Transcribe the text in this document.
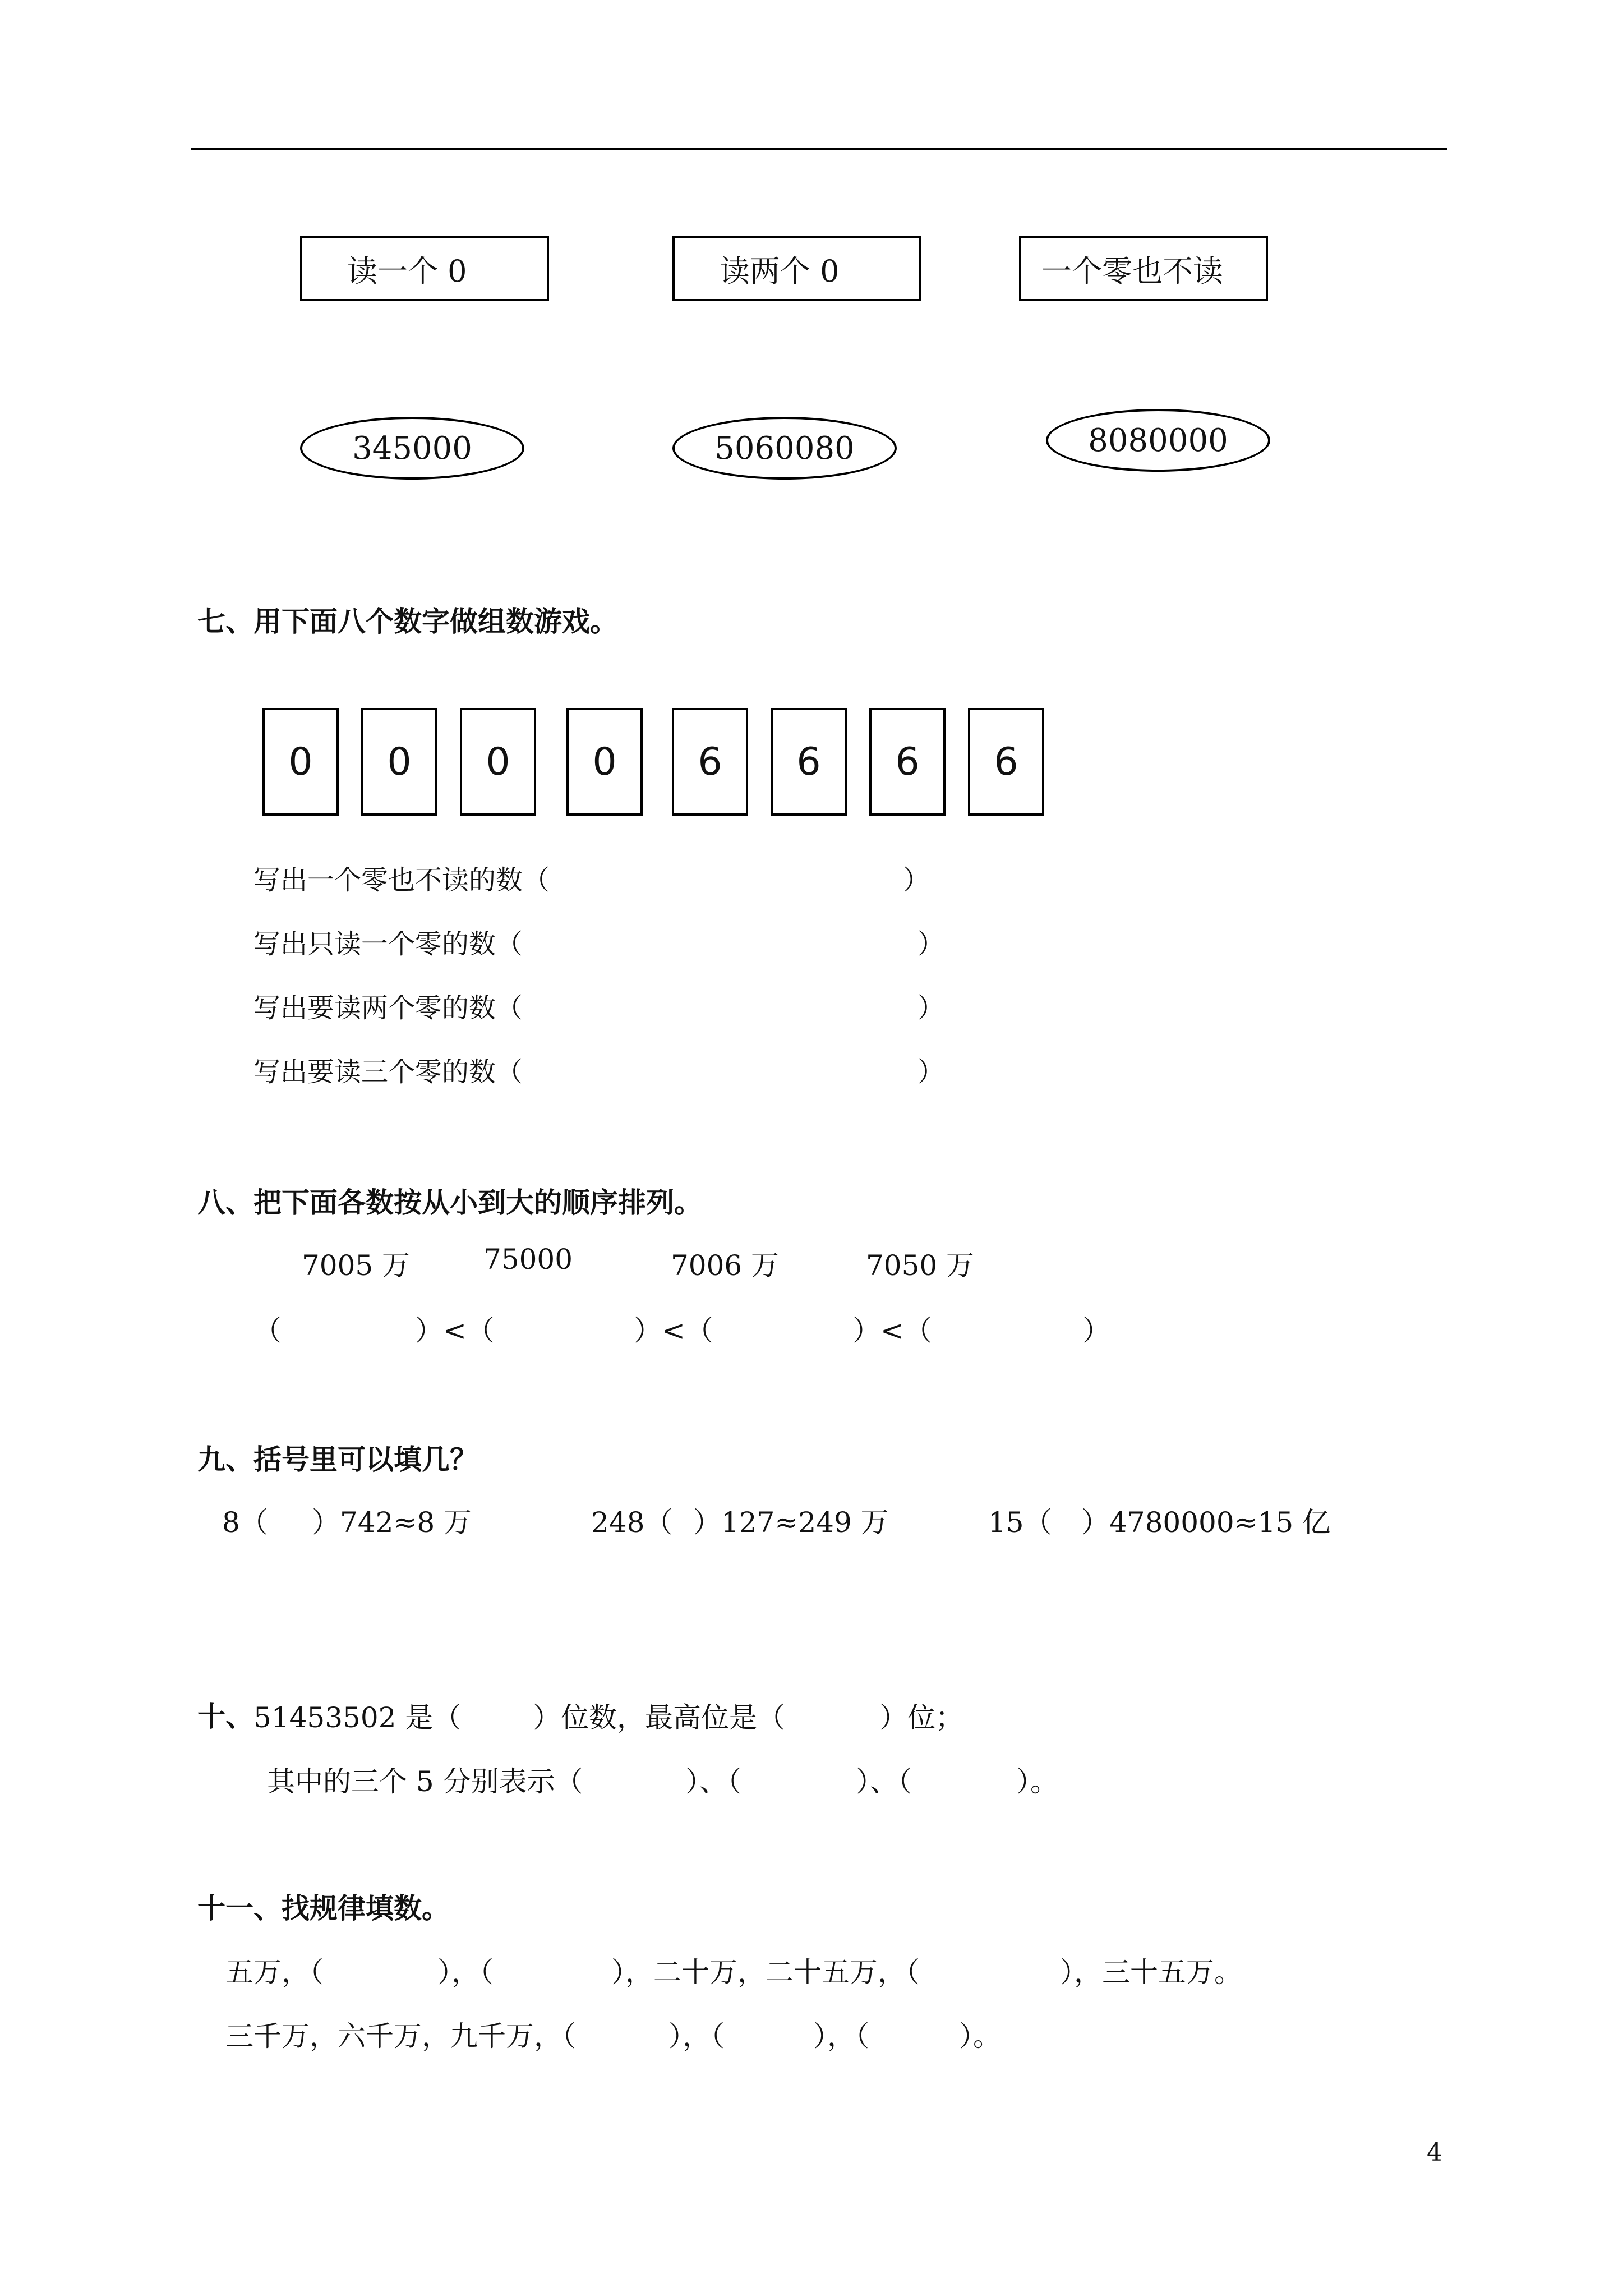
读一个 0	读两个 0	一个零也不读
345000	5060080	8080000
七、用下面八个数字做组数游戏。
0	0	0	0	6	6	6	6
写出一个零也不读的数（	）
写出只读一个零的数（	）
写出要读两个零的数（	）
写出要读三个零的数（	）
八、把下面各数按从小到大的顺序排列。
7005 万	75000	7006 万	7050 万
（	）<（	）<（	）<（	）
九、括号里可以填几？
8（ ）742≈8 万	248（ ）127≈249 万	15（ ）4780000≈15 亿
十、 51453502 是（	）位数，最高位是（	）位；
其中的三个 5 分别表示（	）、（	）、（	）。
十一、找规律填数。
五万，（	），（	），二十万，二十五万，（	），三十五万。
三千万，六千万，九千万，（	），（	），（	）。
4
